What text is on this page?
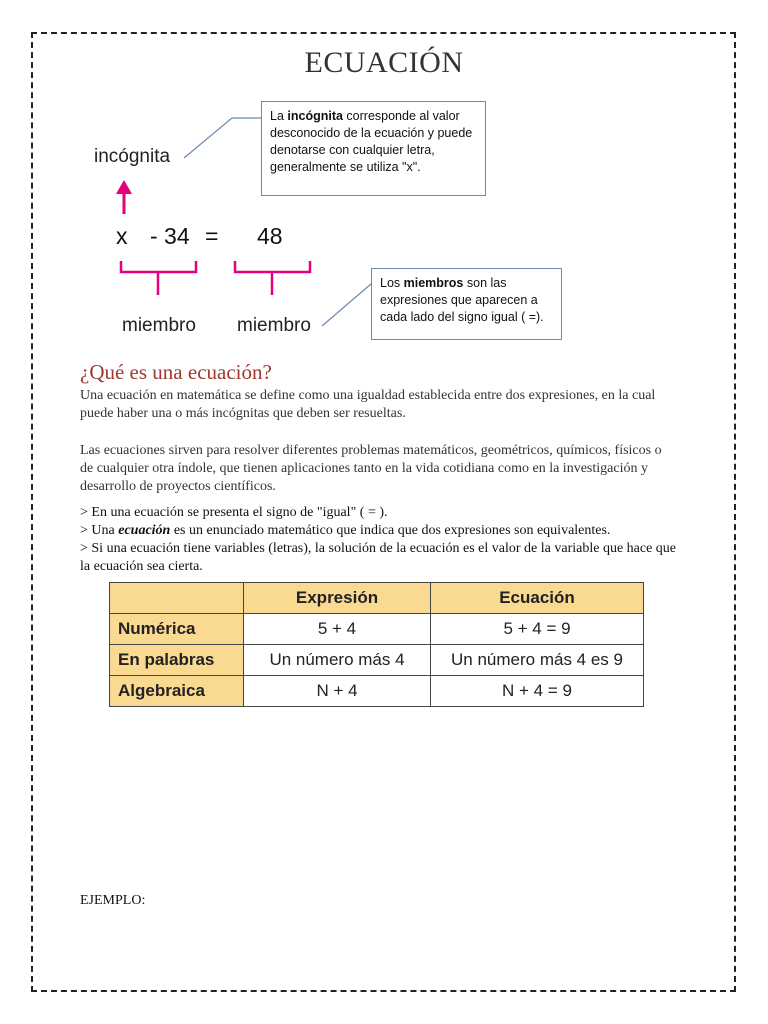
ECUACIÓN
incógnita
x - 34 = 48
miembro miembro
La incógnita corresponde al valor desconocido de la ecuación y puede denotarse con cualquier letra, generalmente se utiliza "x".
Los miembros son las expresiones que aparecen a cada lado del signo igual ( =).
¿Qué es una ecuación?
Una ecuación en matemática se define como una igualdad establecida entre dos expresiones, en la cual puede haber una o más incógnitas que deben ser resueltas.
Las ecuaciones sirven para resolver diferentes problemas matemáticos, geométricos, químicos, físicos o de cualquier otra índole, que tienen aplicaciones tanto en la vida cotidiana como en la investigación y desarrollo de proyectos científicos.
> En una ecuación se presenta el signo de "igual" ( = ).
> Una ecuación es un enunciado matemático que indica que dos expresiones son equivalentes.
> Si una ecuación tiene variables (letras), la solución de la ecuación es el valor de la variable que hace que la ecuación sea cierta.
	Expresión	Ecuación
Numérica	5 + 4	5 + 4 = 9
En palabras	Un número más 4	Un número más 4 es 9
Algebraica	N + 4	N + 4 = 9
EJEMPLO:
